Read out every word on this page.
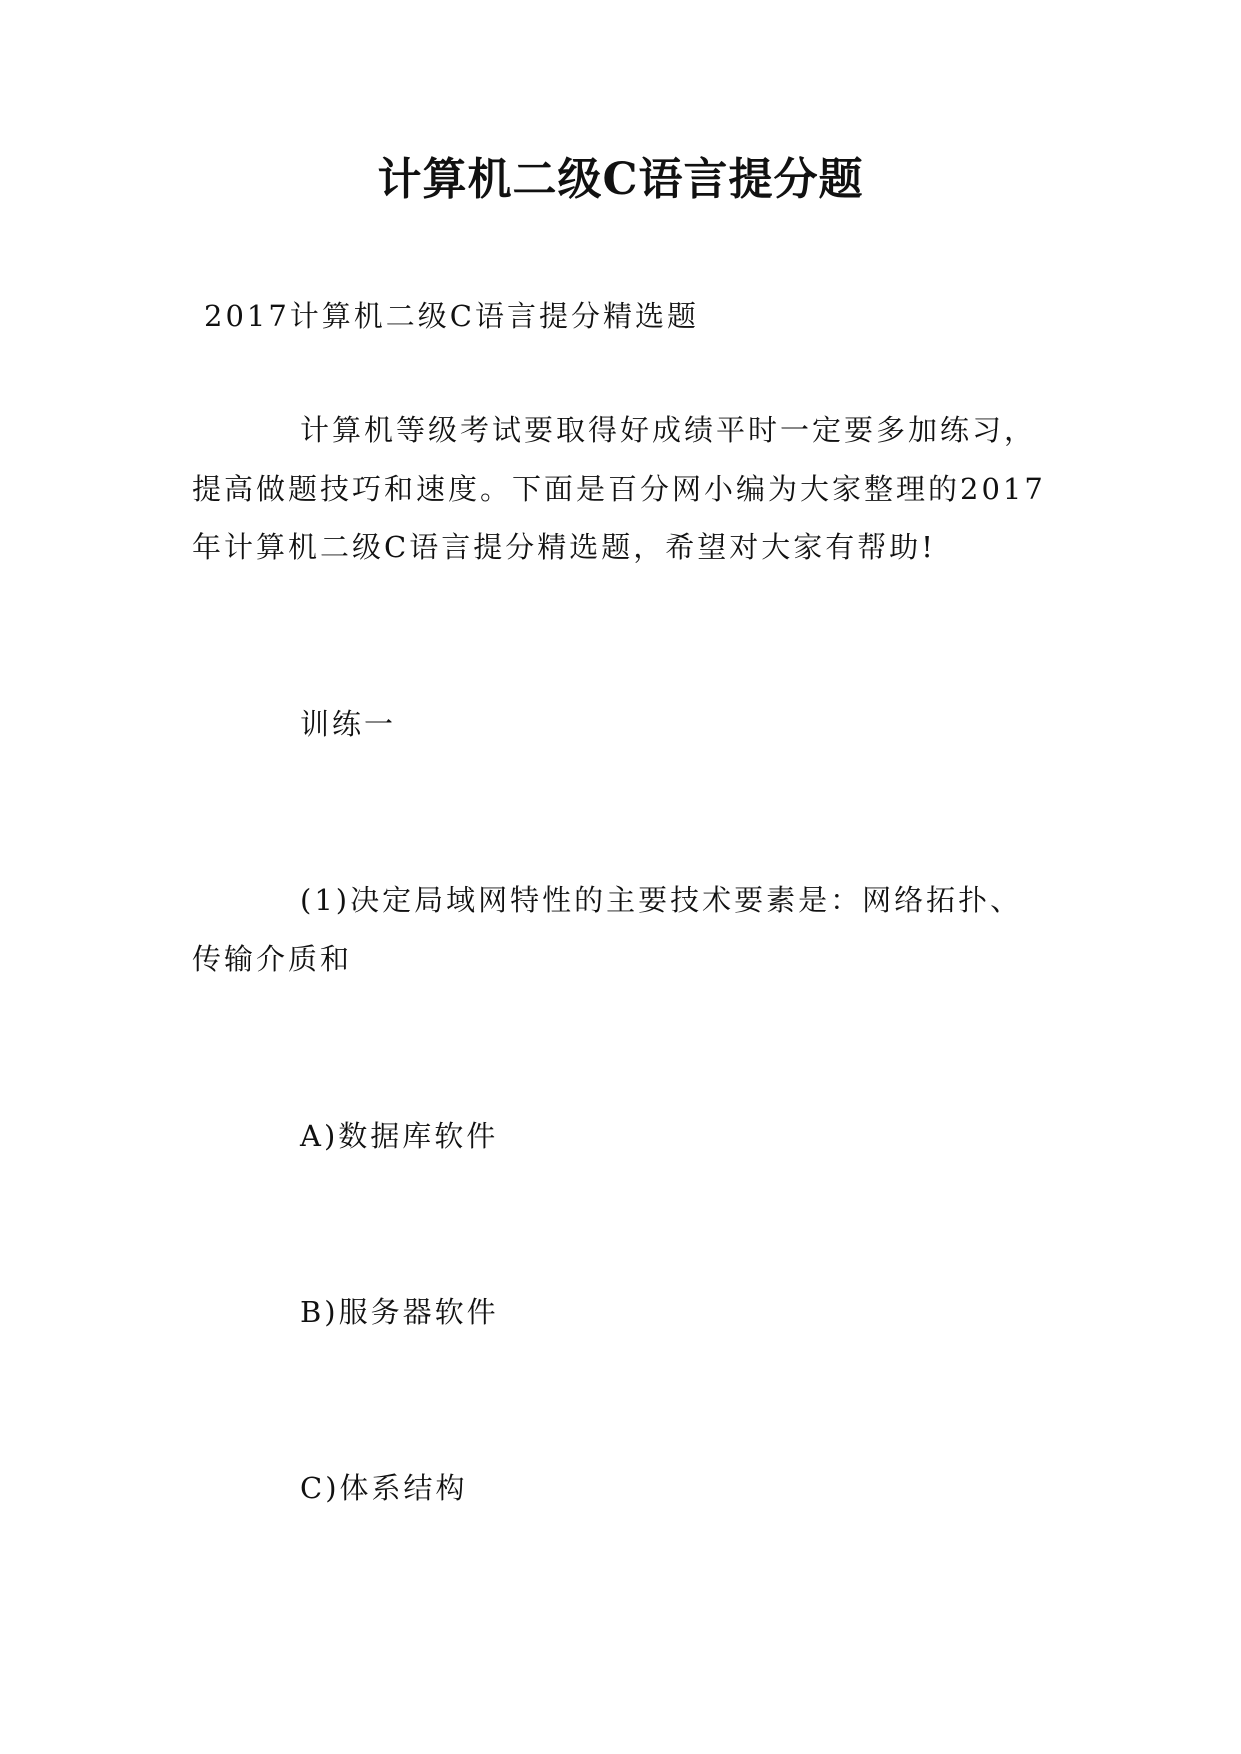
计算机二级C语言提分题
2017计算机二级C语言提分精选题
计算机等级考试要取得好成绩平时一定要多加练习，
提高做题技巧和速度。下面是百分网小编为大家整理的2017
年计算机二级C语言提分精选题，希望对大家有帮助!
训练一
(1)决定局域网特性的主要技术要素是：网络拓扑、
传输介质和
A)数据库软件
B)服务器软件
C)体系结构
